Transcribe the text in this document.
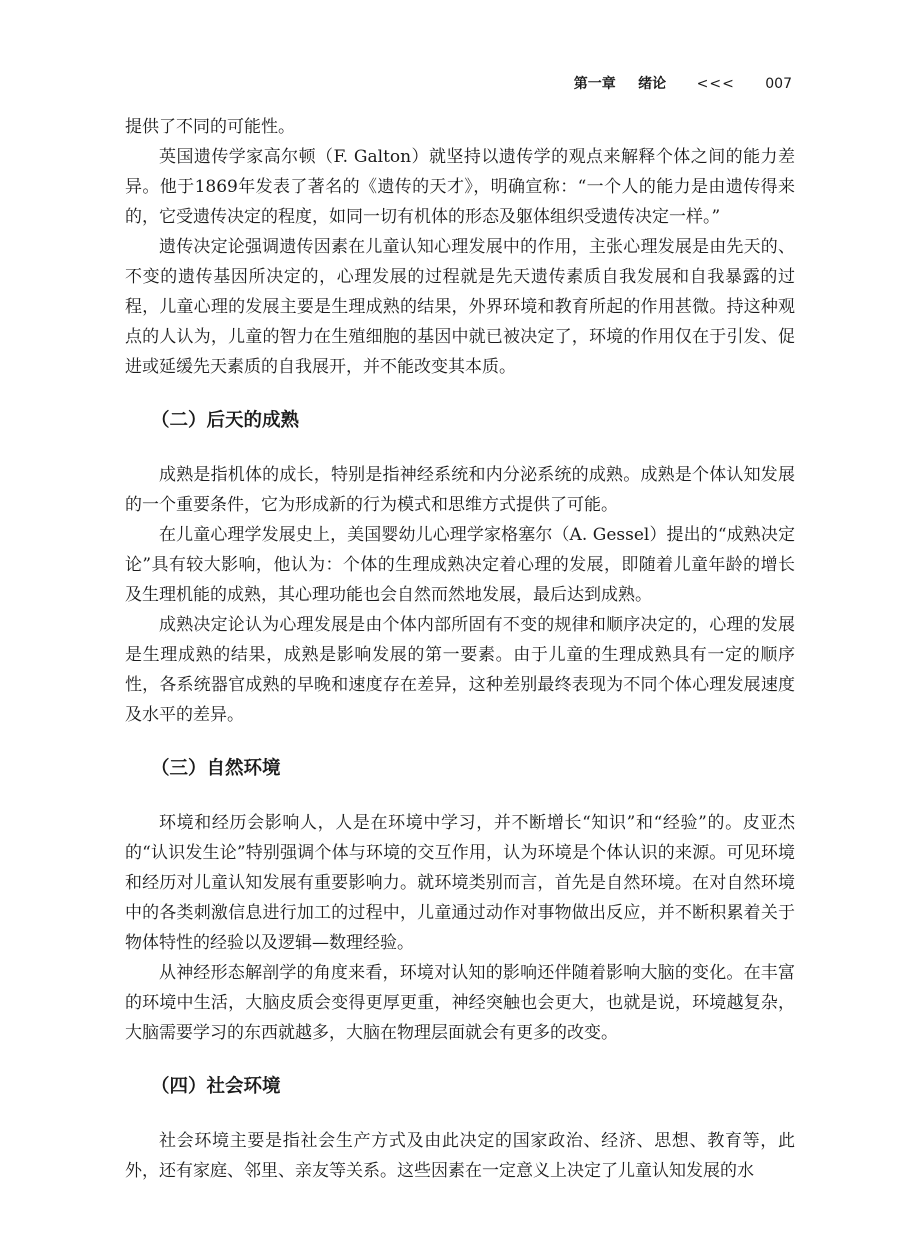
第一章 绪论 <<< 007

提供了不同的可能性。

英国遗传学家高尔顿（F. Galton）就坚持以遗传学的观点来解释个体之间的能力差异。他于1869年发表了著名的《遗传的天才》，明确宣称：“一个人的能力是由遗传得来的，它受遗传决定的程度，如同一切有机体的形态及躯体组织受遗传决定一样。”

遗传决定论强调遗传因素在儿童认知心理发展中的作用，主张心理发展是由先天的、不变的遗传基因所决定的，心理发展的过程就是先天遗传素质自我发展和自我暴露的过程，儿童心理的发展主要是生理成熟的结果，外界环境和教育所起的作用甚微。持这种观点的人认为，儿童的智力在生殖细胞的基因中就已被决定了，环境的作用仅在于引发、促进或延缓先天素质的自我展开，并不能改变其本质。

（二）后天的成熟

成熟是指机体的成长，特别是指神经系统和内分泌系统的成熟。成熟是个体认知发展的一个重要条件，它为形成新的行为模式和思维方式提供了可能。

在儿童心理学发展史上，美国婴幼儿心理学家格塞尔（A. Gessel）提出的“成熟决定论”具有较大影响，他认为：个体的生理成熟决定着心理的发展，即随着儿童年龄的增长及生理机能的成熟，其心理功能也会自然而然地发展，最后达到成熟。

成熟决定论认为心理发展是由个体内部所固有不变的规律和顺序决定的，心理的发展是生理成熟的结果，成熟是影响发展的第一要素。由于儿童的生理成熟具有一定的顺序性，各系统器官成熟的早晚和速度存在差异，这种差别最终表现为不同个体心理发展速度及水平的差异。

（三）自然环境

环境和经历会影响人，人是在环境中学习，并不断增长“知识”和“经验”的。皮亚杰的“认识发生论”特别强调个体与环境的交互作用，认为环境是个体认识的来源。可见环境和经历对儿童认知发展有重要影响力。就环境类别而言，首先是自然环境。在对自然环境中的各类刺激信息进行加工的过程中，儿童通过动作对事物做出反应，并不断积累着关于物体特性的经验以及逻辑—数理经验。

从神经形态解剖学的角度来看，环境对认知的影响还伴随着影响大脑的变化。在丰富的环境中生活，大脑皮质会变得更厚更重，神经突触也会更大，也就是说，环境越复杂，大脑需要学习的东西就越多，大脑在物理层面就会有更多的改变。

（四）社会环境

社会环境主要是指社会生产方式及由此决定的国家政治、经济、思想、教育等，此外，还有家庭、邻里、亲友等关系。这些因素在一定意义上决定了儿童认知发展的水
